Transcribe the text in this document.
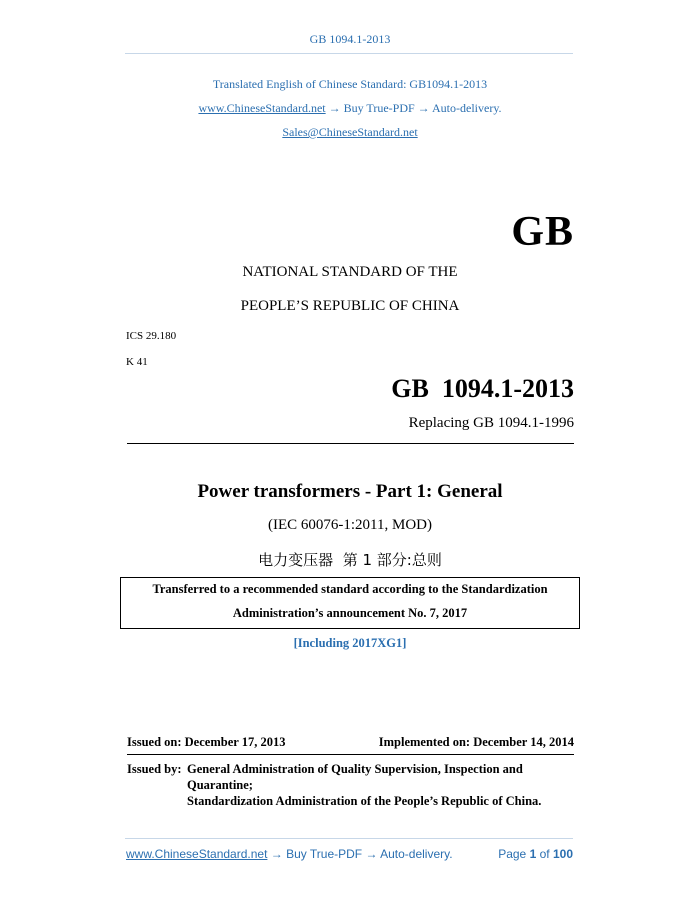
GB 1094.1-2013
Translated English of Chinese Standard: GB1094.1-2013
www.ChineseStandard.net → Buy True-PDF → Auto-delivery.
Sales@ChineseStandard.net
GB
NATIONAL STANDARD OF THE
PEOPLE’S REPUBLIC OF CHINA
ICS 29.180
K 41
GB  1094.1-2013
Replacing GB 1094.1-1996
Power transformers - Part 1: General
(IEC 60076-1:2011, MOD)
电力变压器  第 1 部分:总则
Transferred to a recommended standard according to the Standardization
Administration’s announcement No. 7, 2017
[Including 2017XG1]
Issued on: December 17, 2013	Implemented on: December 14, 2014
Issued by: General Administration of Quality Supervision, Inspection and
Quarantine;
Standardization Administration of the People’s Republic of China.
www.ChineseStandard.net → Buy True-PDF → Auto-delivery.	Page 1 of 100
